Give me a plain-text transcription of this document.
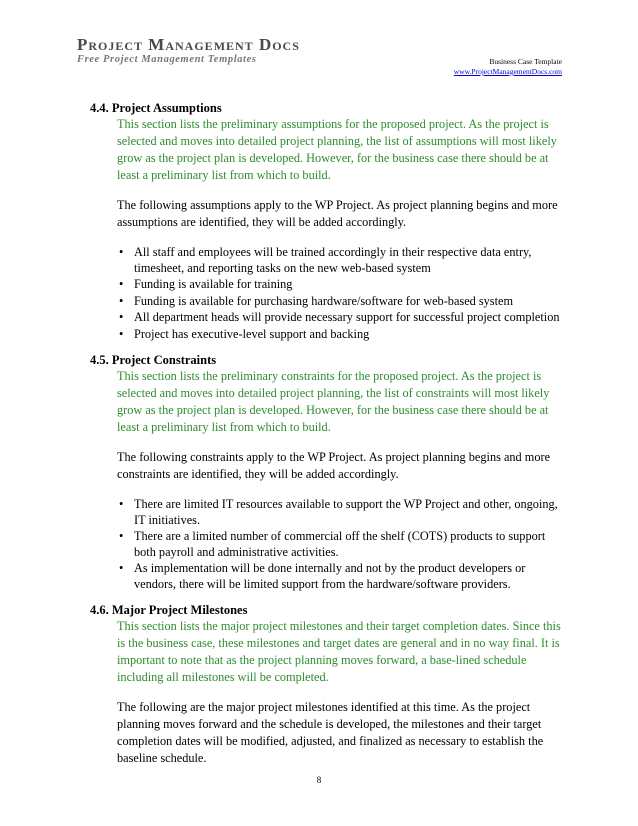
Project Management Docs
Free Project Management Templates	Business Case Template
www.ProjectManagementDocs.com

4.4. Project Assumptions

This section lists the preliminary assumptions for the proposed project. As the project is selected and moves into detailed project planning, the list of assumptions will most likely grow as the project plan is developed. However, for the business case there should be at least a preliminary list from which to build.

The following assumptions apply to the WP Project. As project planning begins and more assumptions are identified, they will be added accordingly.

• All staff and employees will be trained accordingly in their respective data entry, timesheet, and reporting tasks on the new web-based system
• Funding is available for training
• Funding is available for purchasing hardware/software for web-based system
• All department heads will provide necessary support for successful project completion
• Project has executive-level support and backing

4.5. Project Constraints

This section lists the preliminary constraints for the proposed project. As the project is selected and moves into detailed project planning, the list of constraints will most likely grow as the project plan is developed. However, for the business case there should be at least a preliminary list from which to build.

The following constraints apply to the WP Project. As project planning begins and more constraints are identified, they will be added accordingly.

• There are limited IT resources available to support the WP Project and other, ongoing, IT initiatives.
• There are a limited number of commercial off the shelf (COTS) products to support both payroll and administrative activities.
• As implementation will be done internally and not by the product developers or vendors, there will be limited support from the hardware/software providers.

4.6. Major Project Milestones

This section lists the major project milestones and their target completion dates. Since this is the business case, these milestones and target dates are general and in no way final. It is important to note that as the project planning moves forward, a base-lined schedule including all milestones will be completed.

The following are the major project milestones identified at this time. As the project planning moves forward and the schedule is developed, the milestones and their target completion dates will be modified, adjusted, and finalized as necessary to establish the baseline schedule.

8
